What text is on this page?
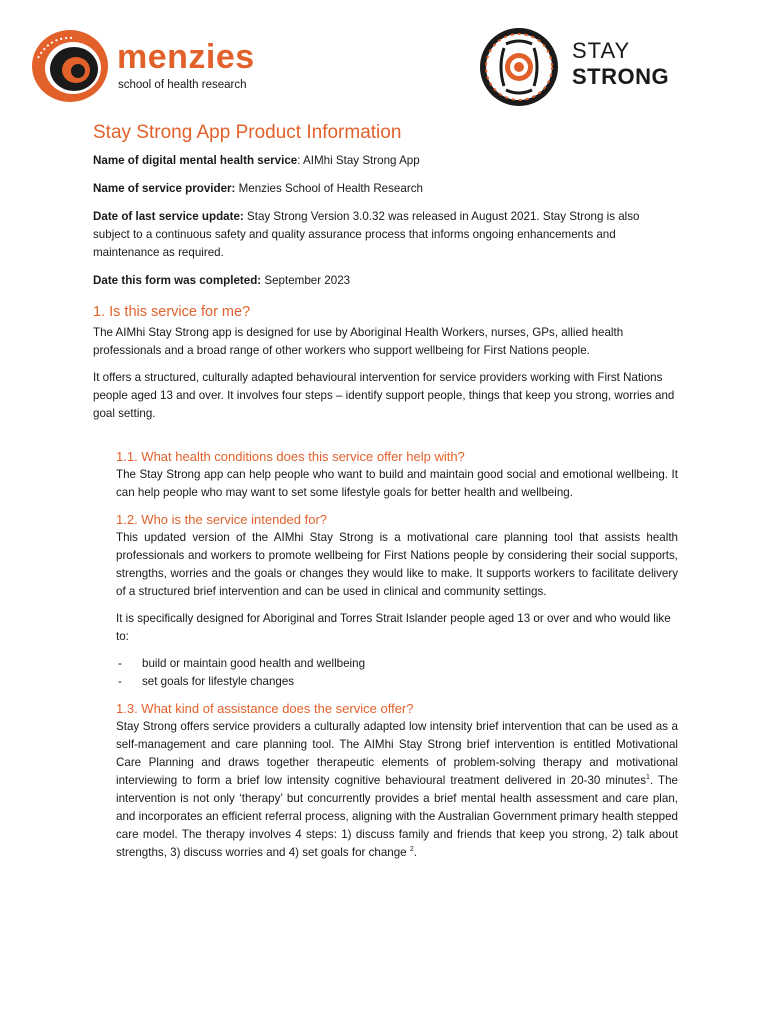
menzies
school of health research
STAY
STRONG
Stay Strong App Product Information

Name of digital mental health service: AIMhi Stay Strong App

Name of service provider: Menzies School of Health Research

Date of last service update: Stay Strong Version 3.0.32 was released in August 2021. Stay Strong is also subject to a continuous safety and quality assurance process that informs ongoing enhancements and maintenance as required.

Date this form was completed: September 2023

1. Is this service for me?

The AIMhi Stay Strong app is designed for use by Aboriginal Health Workers, nurses, GPs, allied health professionals and a broad range of other workers who support wellbeing for First Nations people.

It offers a structured, culturally adapted behavioural intervention for service providers working with First Nations people aged 13 and over. It involves four steps – identify support people, things that keep you strong, worries and goal setting.

1.1. What health conditions does this service offer help with?

The Stay Strong app can help people who want to build and maintain good social and emotional wellbeing. It can help people who may want to set some lifestyle goals for better health and wellbeing.

1.2. Who is the service intended for?

This updated version of the AIMhi Stay Strong is a motivational care planning tool that assists health professionals and workers to promote wellbeing for First Nations people by considering their social supports, strengths, worries and the goals or changes they would like to make. It supports workers to facilitate delivery of a structured brief intervention and can be used in clinical and community settings.

It is specifically designed for Aboriginal and Torres Strait Islander people aged 13 or over and who would like to:

- build or maintain good health and wellbeing
- set goals for lifestyle changes
1.3. What kind of assistance does the service offer?

Stay Strong offers service providers a culturally adapted low intensity brief intervention that can be used as a self-management and care planning tool. The AIMhi Stay Strong brief intervention is entitled Motivational Care Planning and draws together therapeutic elements of problem-solving therapy and motivational interviewing to form a brief low intensity cognitive behavioural treatment delivered in 20-30 minutes$^1$. The intervention is not only ‘therapy’ but concurrently provides a brief mental health assessment and care plan, and incorporates an efficient referral process, aligning with the Australian Government primary health stepped care model. The therapy involves 4 steps: 1) discuss family and friends that keep you strong, 2) talk about strengths, 3) discuss worries and 4) set goals for change $^2$.
